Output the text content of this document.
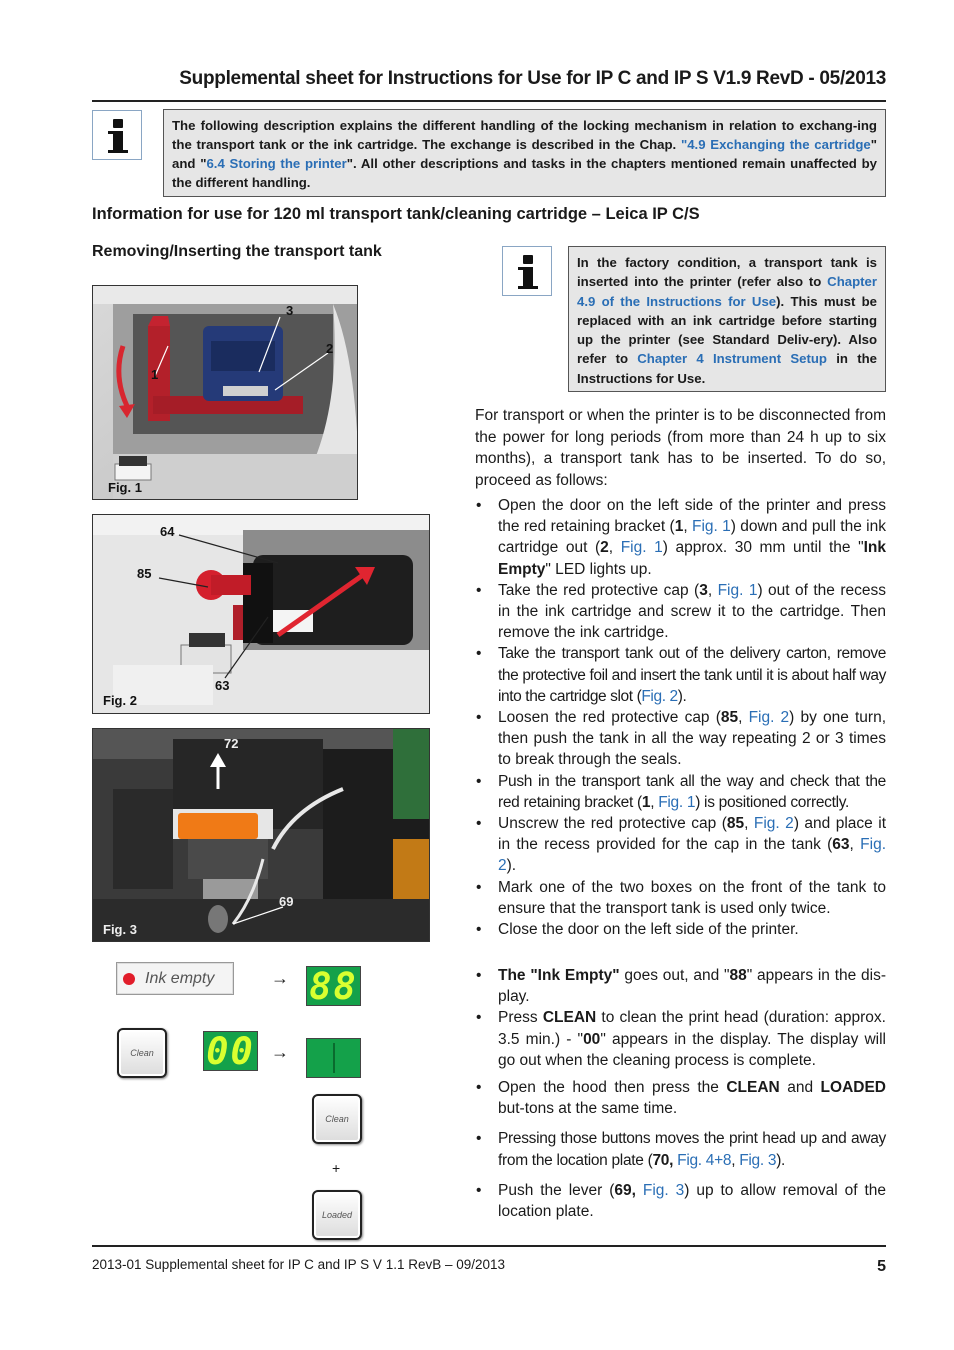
Supplemental sheet for Instructions for Use for IP C and IP S V1.9 RevD - 05/2013
The following description explains the different handling of the locking mechanism in relation to exchang-ing the transport tank or the ink cartridge. The exchange is described in the Chap. "4.9 Exchanging the cartridge" and "6.4 Storing the printer". All other descriptions and tasks in the chapters mentioned remain unaffected by the different handling.
Information for use for 120 ml transport tank/cleaning cartridge – Leica IP C/S
Removing/Inserting the transport tank
3
2
1
Fig. 1
64
85
63
Fig. 2
72
69
Fig. 3
Ink empty	→ 88
Clean	00 →
Clean
+
Loaded
In the factory condition, a transport tank is inserted into the printer (refer also to Chapter 4.9 of the Instructions for Use). This must be replaced with an ink cartridge before starting up the printer (see Standard Deliv-ery). Also refer to Chapter 4 Instrument Setup in the Instructions for Use.

For transport or when the printer is to be disconnected from the power for long periods (from more than 24 h up to six months), a transport tank has to be inserted. To do so, proceed as follows:

• Open the door on the left side of the printer and press the red retaining bracket (1, Fig. 1) down and pull the ink cartridge out (2, Fig. 1) approx. 30 mm until the "Ink Empty" LED lights up.
• Take the red protective cap (3, Fig. 1) out of the recess in the ink cartridge and screw it to the cartridge. Then remove the ink cartridge.
• Take the transport tank out of the delivery carton, remove the protective foil and insert the tank until it is about half way into the cartridge slot (Fig. 2).
• Loosen the red protective cap (85, Fig. 2) by one turn, then push the tank in all the way repeating 2 or 3 times to break through the seals.
• Push in the transport tank all the way and check that the red retaining bracket (1, Fig. 1) is positioned correctly.
• Unscrew the red protective cap (85, Fig. 2) and place it in the recess provided for the cap in the tank (63, Fig. 2).
• Mark one of the two boxes on the front of the tank to ensure that the transport tank is used only twice.
• Close the door on the left side of the printer.
• The "Ink Empty" goes out, and "88" appears in the dis-play.
• Press CLEAN to clean the print head (duration: approx. 3.5 min.) - "00" appears in the display. The display will go out when the cleaning process is complete.
• Open the hood then press the CLEAN and LOADED but-tons at the same time.
• Pressing those buttons moves the print head up and away from the location plate (70, Fig. 4+8, Fig. 3).
• Push the lever (69, Fig. 3) up to allow removal of the location plate.
2013-01 Supplemental sheet for IP C and IP S V 1.1 RevB – 09/2013	5
